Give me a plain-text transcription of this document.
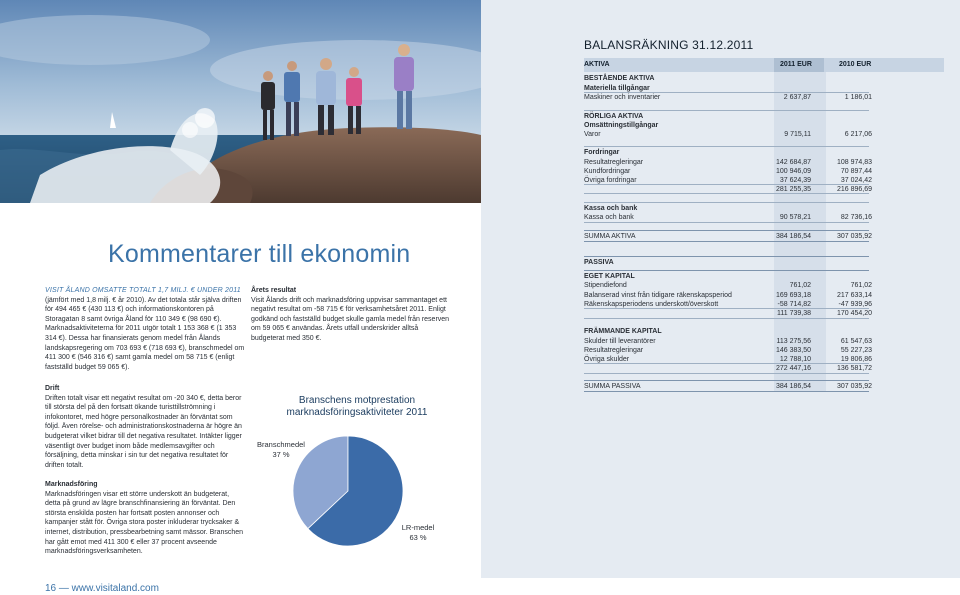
Kommentarer till ekonomin

VISIT ÅLAND OMSATTE TOTALT 1,7 MILJ. € UNDER 2011

(jämfört med 1,8 milj. € år 2010). Av det totala står själva driften för 494 465 € (430 113 €) och informationskontoren på Storagatan 8 samt övriga Åland för 110 349 € (98 690 €). Marknadsaktiviteterna för 2011 utgör totalt 1 153 368 € (1 353 314 €). Dessa har finansierats genom medel från Ålands landskapsregering om 703 693 € (718 693 €), branschmedel om 411 300 € (546 316 €) samt gamla medel om 58 715 € (enligt fastställd budget 59 065 €).

Drift

Driften totalt visar ett negativt resultat om -20 340 €, detta beror till största del på den fortsatt ökande turisttillströmning i infokontoret, med högre personalkostnader än förväntat som följd. Även rörelse- och administrationskostnaderna är högre än budgeterat vilket bidrar till det negativa resultatet. Intäkter ligger väsentligt över budget inom både medlemsavgifter och försäljning, detta minskar i sin tur det negativa resultatet för driften totalt.

Marknadsföring

Marknadsföringen visar ett större underskott än budgeterat, detta på grund av lägre branschfinansiering än förväntat. Den största enskilda posten har fortsatt posten annonser och kampanjer stått för. Övriga stora poster inkluderar trycksaker & internet, distribution, pressbearbetning samt mässor. Branschen har gått emot med 411 300 € eller 37 procent avseende marknadsföringsverksamheten.

Årets resultat

Visit Ålands drift och marknadsföring uppvisar sammantaget ett negativt resultat om -58 715 € för verksamhetsåret 2011. Enligt godkänd och fastställd budget skulle gamla medel från reserven om 59 065 € användas. Årets utfall underskrider alltså budgeterat med 350 €.

Branschens motprestation marknadsföringsaktiviteter 2011
Branschmedel
37 %
LR-medel
63 %
16 — www.visitaland.com
BALANSRÄKNING 31.12.2011
AKTIVA	2011 EUR	2010 EUR
BESTÅENDE AKTIVA
Materiella tillgångar
Maskiner och inventarier	2 637,87	1 186,01
RÖRLIGA AKTIVA
Omsättningstillgångar
Varor	9 715,11	6 217,06
Fordringar
Resultatregleringar	142 684,87	108 974,83
Kundfordringar	100 946,09	70 897,44
Övriga fordringar	37 624,39	37 024,42
281 255,35	216 896,69
Kassa och bank
Kassa och bank	90 578,21	82 736,16
SUMMA AKTIVA	384 186,54	307 035,92
PASSIVA
EGET KAPITAL
Stipendiefond	761,02	761,02
Balanserad vinst från tidigare räkenskapsperiod	169 693,18	217 633,14
Räkenskapsperiodens underskott/överskott	-58 714,82	-47 939,96
111 739,38	170 454,20
FRÄMMANDE KAPITAL
Skulder till leverantörer	113 275,56	61 547,63
Resultatregleringar	146 383,50	55 227,23
Övriga skulder	12 788,10	19 806,86
272 447,16	136 581,72
SUMMA PASSIVA	384 186,54	307 035,92
